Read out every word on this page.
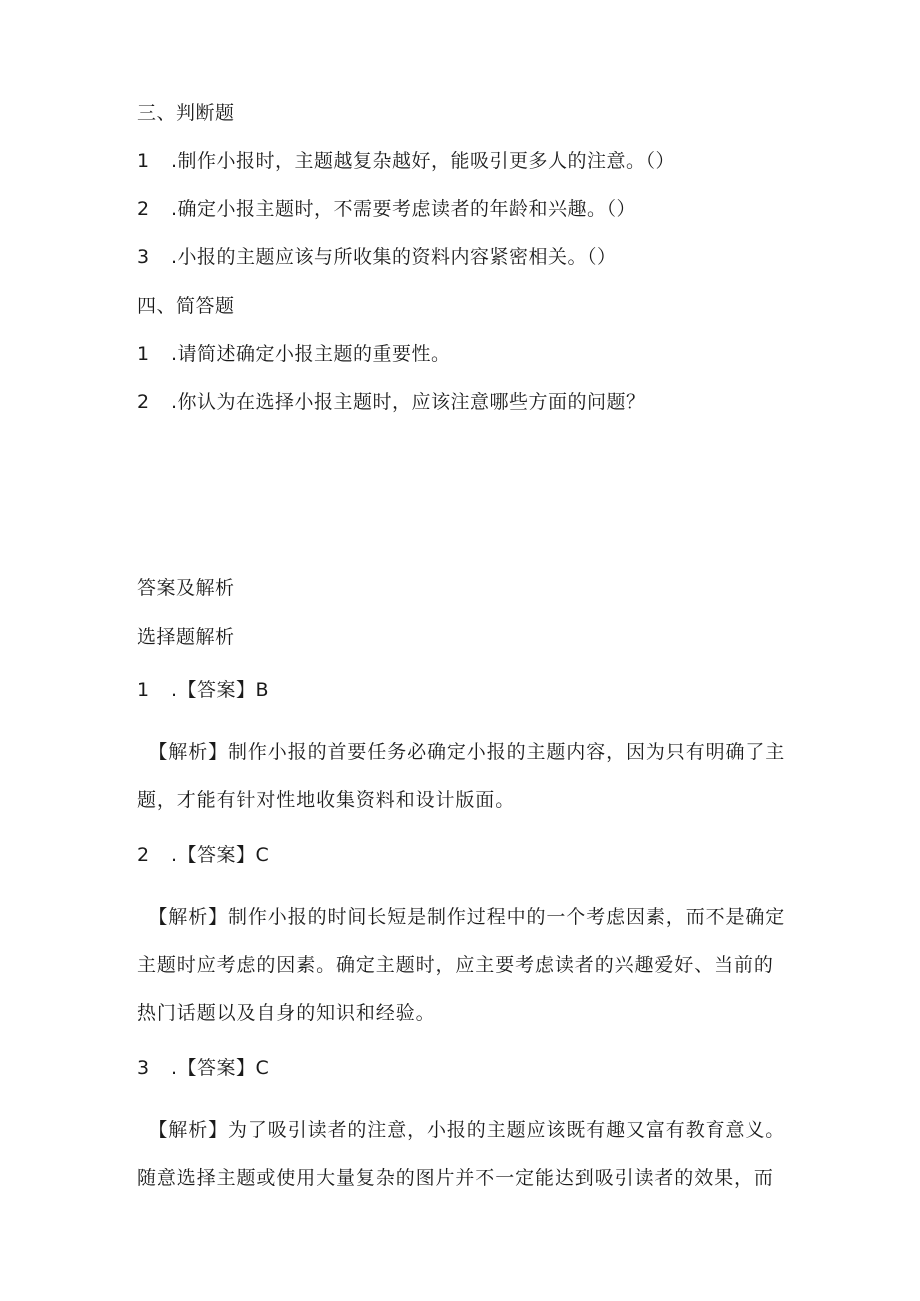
三、判断题
1 .制作小报时，主题越复杂越好，能吸引更多人的注意。（）
2 .确定小报主题时，不需要考虑读者的年龄和兴趣。（）
3 .小报的主题应该与所收集的资料内容紧密相关。（）
四、简答题
1 .请简述确定小报主题的重要性。
2 .你认为在选择小报主题时，应该注意哪些方面的问题？
答案及解析
选择题解析
1 .【答案】B
【解析】制作小报的首要任务必确定小报的主题内容，因为只有明确了主题，才能有针对性地收集资料和设计版面。
2 .【答案】C
【解析】制作小报的时间长短是制作过程中的一个考虑因素，而不是确定主题时应考虑的因素。确定主题时，应主要考虑读者的兴趣爱好、当前的热门话题以及自身的知识和经验。
3 .【答案】C
【解析】为了吸引读者的注意，小报的主题应该既有趣又富有教育意义。随意选择主题或使用大量复杂的图片并不一定能达到吸引读者的效果，而
